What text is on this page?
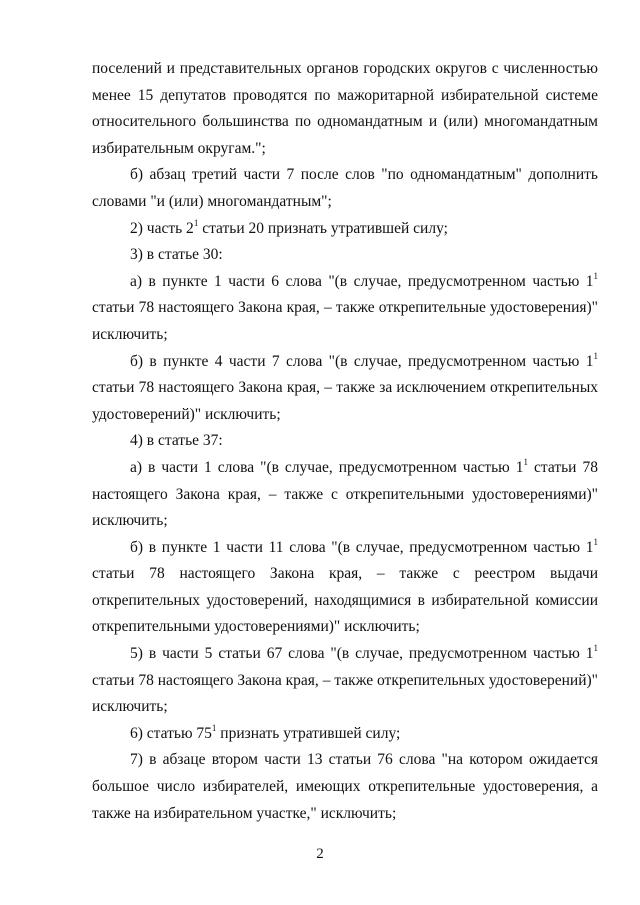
поселений и представительных органов городских округов с численностью менее 15 депутатов проводятся по мажоритарной избирательной системе относительного большинства по одномандатным и (или) многомандатным избирательным округам.";

б) абзац третий части 7 после слов "по одномандатным" дополнить словами "и (или) многомандатным";

2) часть $2^1$ статьи 20 признать утратившей силу;

3) в статье 30:

а) в пункте 1 части 6 слова "(в случае, предусмотренном частью $1^1$ статьи 78 настоящего Закона края, – также открепительные удостоверения)" исключить;

б) в пункте 4 части 7 слова "(в случае, предусмотренном частью $1^1$ статьи 78 настоящего Закона края, – также за исключением открепительных удостоверений)" исключить;

4) в статье 37:

а) в части 1 слова "(в случае, предусмотренном частью $1^1$ статьи 78 настоящего Закона края, – также с открепительными удостоверениями)" исключить;

б) в пункте 1 части 11 слова "(в случае, предусмотренном частью $1^1$ статьи 78 настоящего Закона края, – также с реестром выдачи открепительных удостоверений, находящимися в избирательной комиссии открепительными удостоверениями)" исключить;

5) в части 5 статьи 67 слова "(в случае, предусмотренном частью $1^1$ статьи 78 настоящего Закона края, – также открепительных удостоверений)" исключить;

6) статью $75^1$ признать утратившей силу;

7) в абзаце втором части 13 статьи 76 слова "на котором ожидается большое число избирателей, имеющих открепительные удостоверения, а также на избирательном участке," исключить;

2
